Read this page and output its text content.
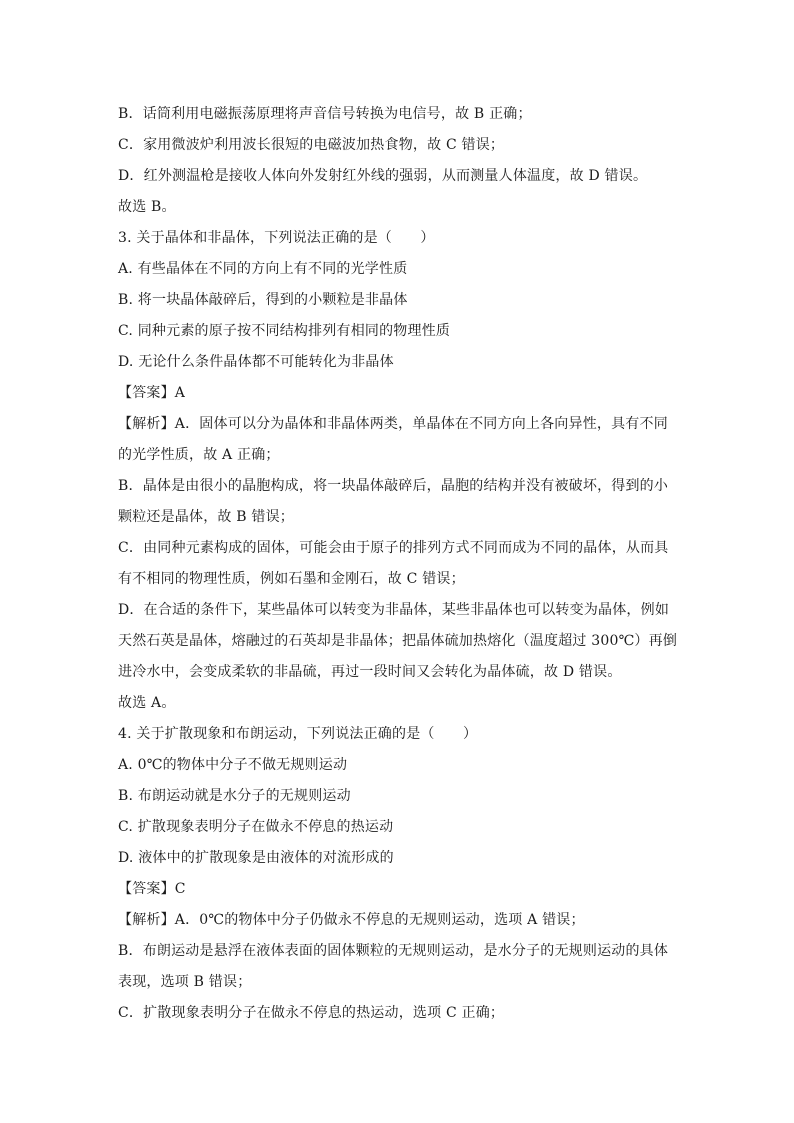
B．话筒利用电磁振荡原理将声音信号转换为电信号，故 B 正确；
C．家用微波炉利用波长很短的电磁波加热食物，故 C 错误；
D．红外测温枪是接收人体向外发射红外线的强弱，从而测量人体温度，故 D 错误。
故选 B。
3. 关于晶体和非晶体，下列说法正确的是（　　）
A. 有些晶体在不同的方向上有不同的光学性质
B. 将一块晶体敲碎后，得到的小颗粒是非晶体
C. 同种元素的原子按不同结构排列有相同的物理性质
D. 无论什么条件晶体都不可能转化为非晶体
【答案】A
【解析】A．固体可以分为晶体和非晶体两类，单晶体在不同方向上各向异性，具有不同
的光学性质，故 A 正确；
B．晶体是由很小的晶胞构成，将一块晶体敲碎后，晶胞的结构并没有被破坏，得到的小
颗粒还是晶体，故 B 错误；
C．由同种元素构成的固体，可能会由于原子的排列方式不同而成为不同的晶体，从而具
有不相同的物理性质，例如石墨和金刚石，故 C 错误；
D．在合适的条件下，某些晶体可以转变为非晶体，某些非晶体也可以转变为晶体，例如
天然石英是晶体，熔融过的石英却是非晶体；把晶体硫加热熔化（温度超过 300℃）再倒
进冷水中，会变成柔软的非晶硫，再过一段时间又会转化为晶体硫，故 D 错误。
故选 A。
4. 关于扩散现象和布朗运动，下列说法正确的是（　　）
A. 0℃的物体中分子不做无规则运动
B. 布朗运动就是水分子的无规则运动
C. 扩散现象表明分子在做永不停息的热运动
D. 液体中的扩散现象是由液体的对流形成的
【答案】C
【解析】A．0℃的物体中分子仍做永不停息的无规则运动，选项 A 错误；
B．布朗运动是悬浮在液体表面的固体颗粒的无规则运动，是水分子的无规则运动的具体
表现，选项 B 错误；
C．扩散现象表明分子在做永不停息的热运动，选项 C 正确；
